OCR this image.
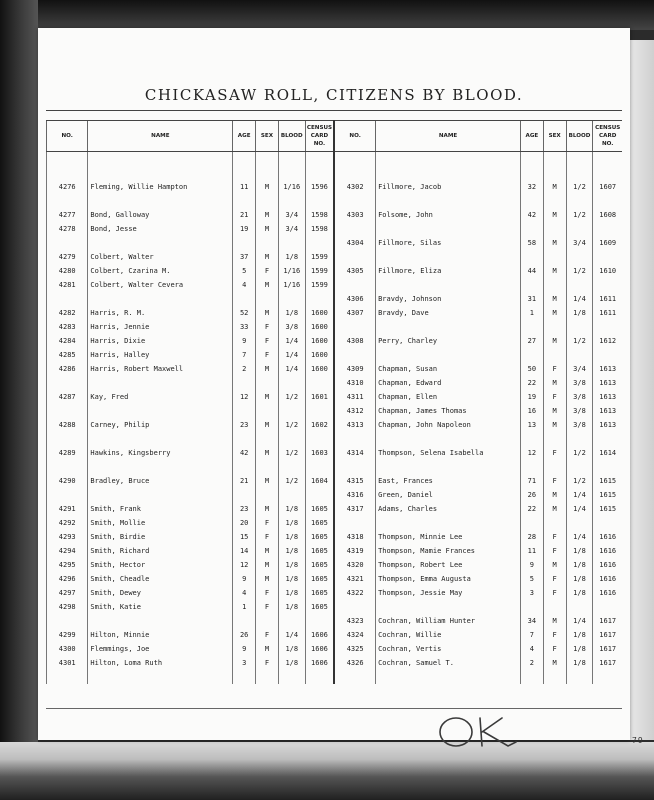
CHICKASAW ROLL, CITIZENS BY BLOOD.
NO.	NAME	AGE	SEX	BLOOD	CENSUS CARD NO.	NO.	NAME	AGE	SEX	BLOOD	CENSUS CARD NO.

4276	Fleming, Willie Hampton	11	M	1/16	1596	4302	Fillmore, Jacob	32	M	1/2	1607

4277	Bond, Galloway	21	M	3/4	1598	4303	Folsome, John	42	M	1/2	1608
4278	Bond, Jesse	19	M	3/4	1598						
						4304	Fillmore, Silas	58	M	3/4	1609
4279	Colbert, Walter	37	M	1/8	1599						
4280	Colbert, Czarina M.	5	F	1/16	1599	4305	Fillmore, Eliza	44	M	1/2	1610
4281	Colbert, Walter Cevera	4	M	1/16	1599						
						4306	Bravdy, Johnson	31	M	1/4	1611
4282	Harris, R. M.	52	M	1/8	1600	4307	Bravdy, Dave	1	M	1/8	1611
4283	Harris, Jennie	33	F	3/8	1600						
4284	Harris, Dixie	9	F	1/4	1600	4308	Perry, Charley	27	M	1/2	1612
4285	Harris, Halley	7	F	1/4	1600						
4286	Harris, Robert Maxwell	2	M	1/4	1600	4309	Chapman, Susan	50	F	3/4	1613
						4310	Chapman, Edward	22	M	3/8	1613
4287	Kay, Fred	12	M	1/2	1601	4311	Chapman, Ellen	19	F	3/8	1613
						4312	Chapman, James Thomas	16	M	3/8	1613
4288	Carney, Philip	23	M	1/2	1602	4313	Chapman, John Napoleon	13	M	3/8	1613

4289	Hawkins, Kingsberry	42	M	1/2	1603	4314	Thompson, Selena Isabella	12	F	1/2	1614

4290	Bradley, Bruce	21	M	1/2	1604	4315	East, Frances	71	F	1/2	1615
						4316	Green, Daniel	26	M	1/4	1615
4291	Smith, Frank	23	M	1/8	1605	4317	Adams, Charles	22	M	1/4	1615
4292	Smith, Mollie	20	F	1/8	1605						
4293	Smith, Birdie	15	F	1/8	1605	4318	Thompson, Minnie Lee	28	F	1/4	1616
4294	Smith, Richard	14	M	1/8	1605	4319	Thompson, Mamie Frances	11	F	1/8	1616
4295	Smith, Hector	12	M	1/8	1605	4320	Thompson, Robert Lee	9	M	1/8	1616
4296	Smith, Cheadle	9	M	1/8	1605	4321	Thompson, Emma Augusta	5	F	1/8	1616
4297	Smith, Dewey	4	F	1/8	1605	4322	Thompson, Jessie May	3	F	1/8	1616
4298	Smith, Katie	1	F	1/8	1605						
						4323	Cochran, William Hunter	34	M	1/4	1617
4299	Hilton, Minnie	26	F	1/4	1606	4324	Cochran, Willie	7	F	1/8	1617
4300	Flemmings, Joe	9	M	1/8	1606	4325	Cochran, Vertis	4	F	1/8	1617
4301	Hilton, Loma Ruth	3	F	1/8	1606	4326	Cochran, Samuel T.	2	M	1/8	1617

79
